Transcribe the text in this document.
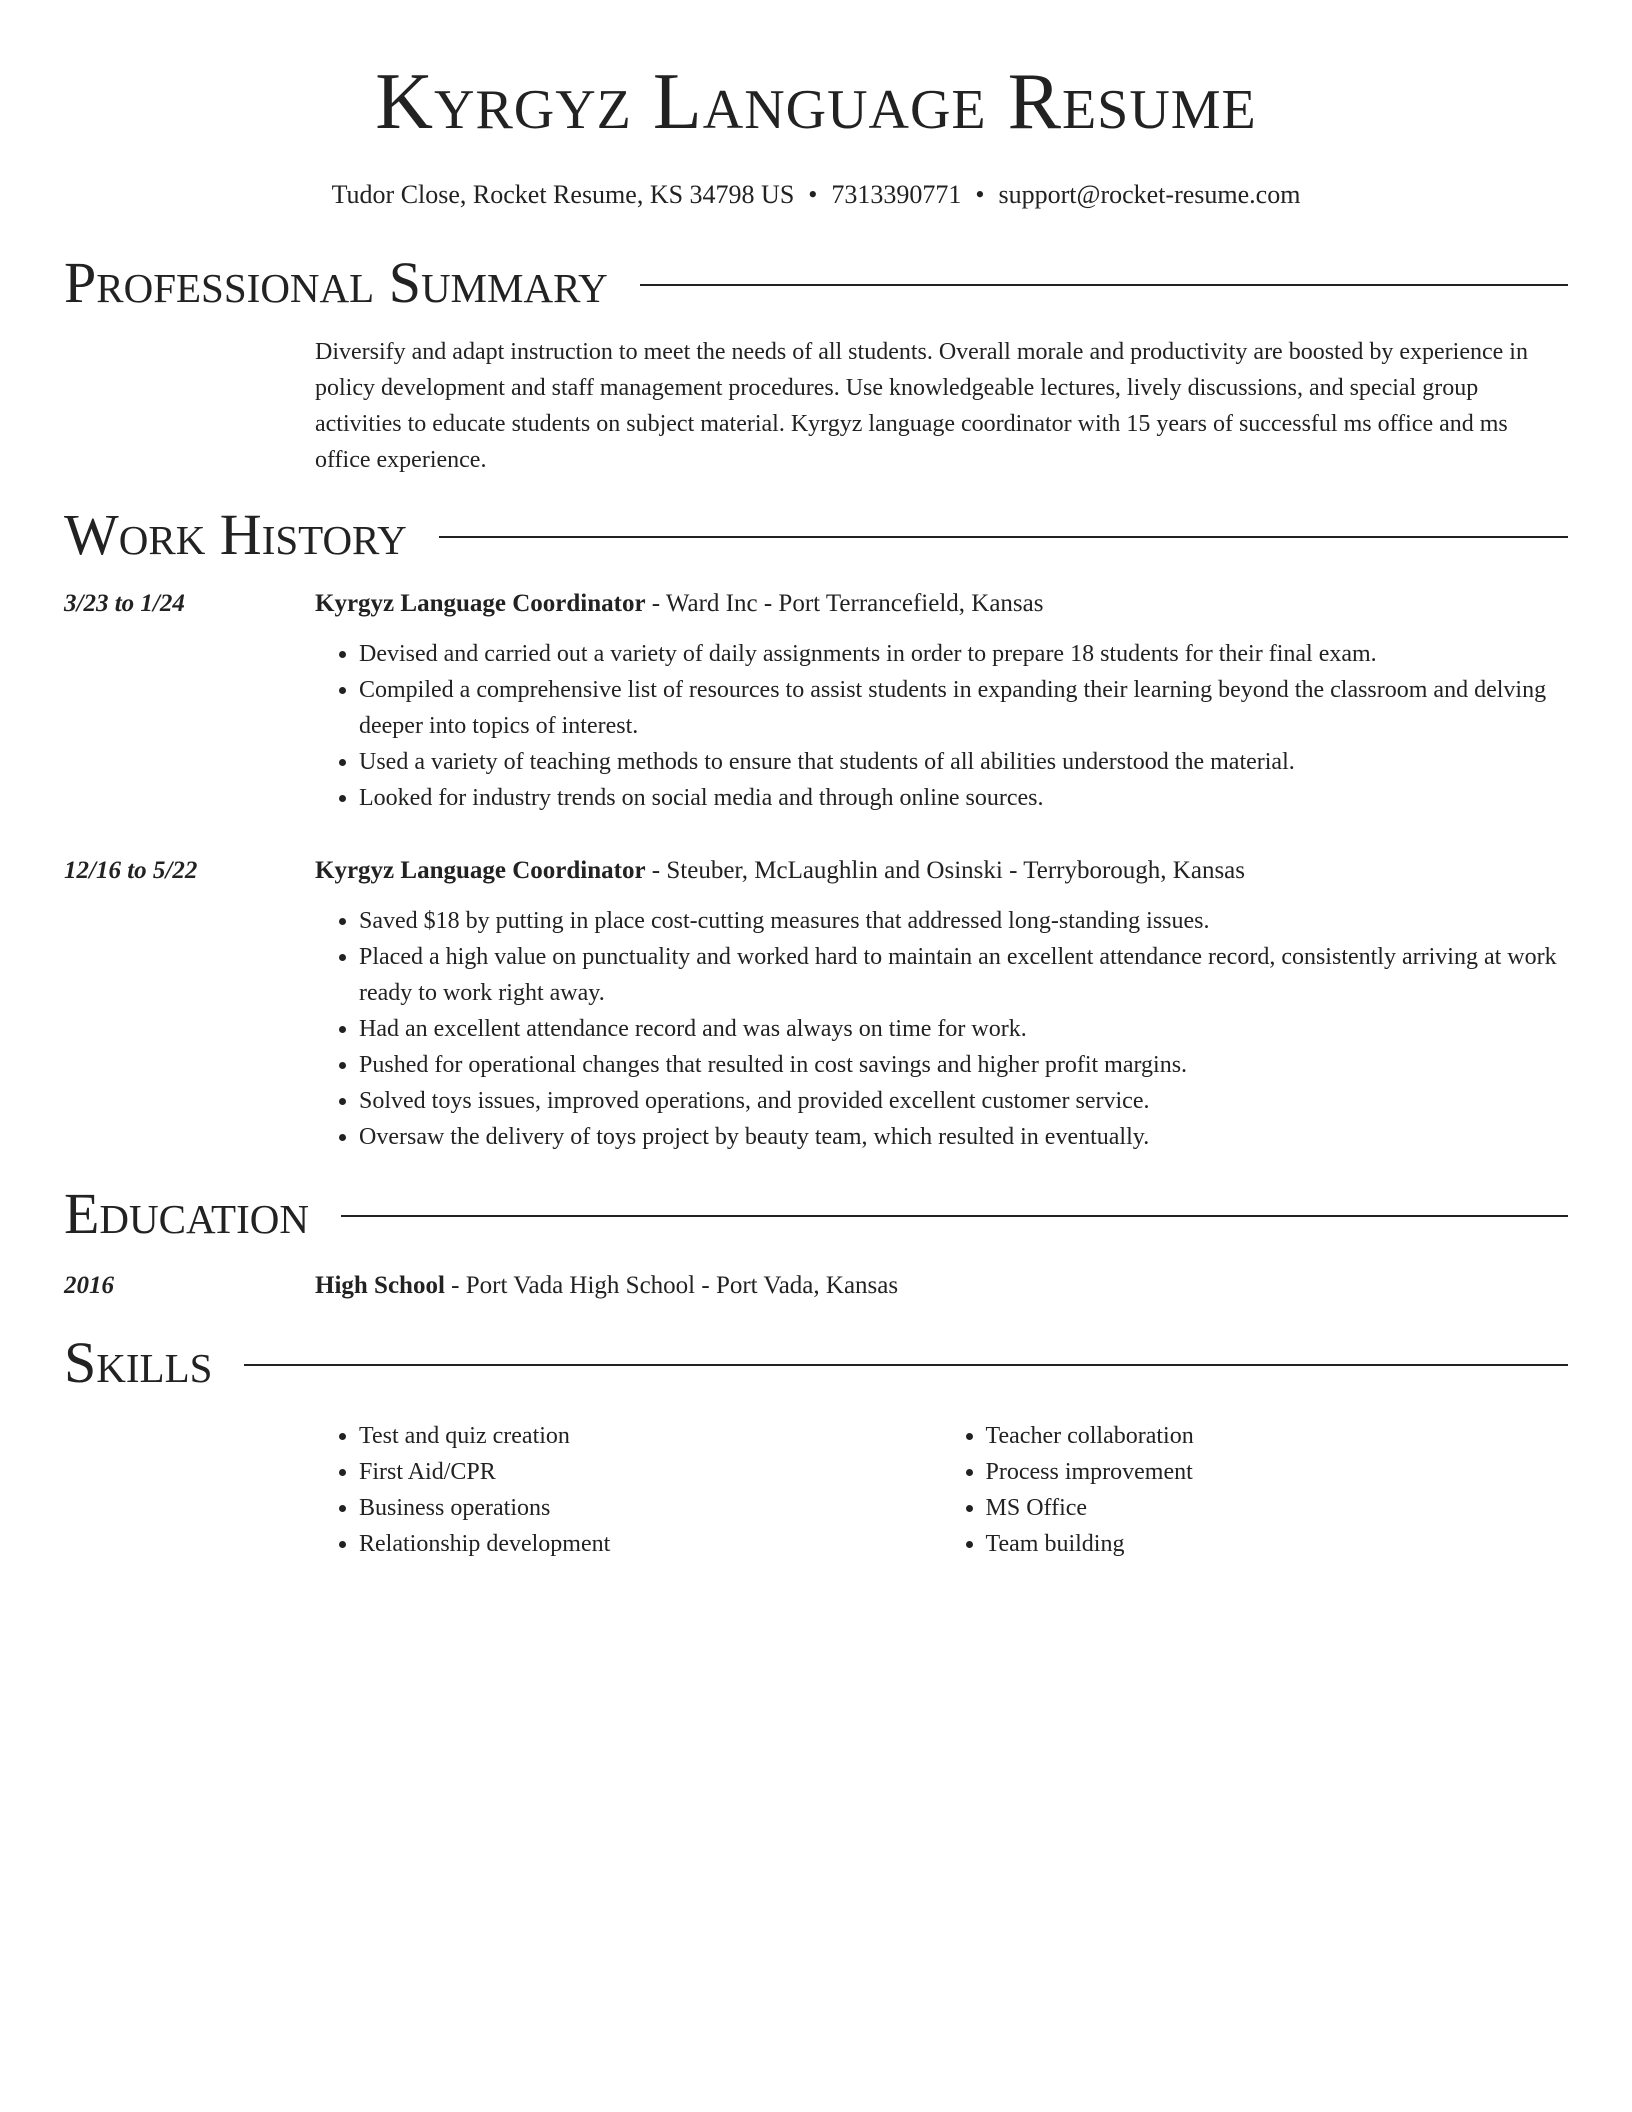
Kyrgyz Language Resume
Tudor Close, Rocket Resume, KS 34798 US • 7313390771 • support@rocket-resume.com
Professional Summary
Diversify and adapt instruction to meet the needs of all students. Overall morale and productivity are boosted by experience in policy development and staff management procedures. Use knowledgeable lectures, lively discussions, and special group activities to educate students on subject material. Kyrgyz language coordinator with 15 years of successful ms office and ms office experience.
Work History
3/23 to 1/24	Kyrgyz Language Coordinator - Ward Inc - Port Terrancefield, Kansas
• Devised and carried out a variety of daily assignments in order to prepare 18 students for their final exam.
• Compiled a comprehensive list of resources to assist students in expanding their learning beyond the classroom and delving deeper into topics of interest.
• Used a variety of teaching methods to ensure that students of all abilities understood the material.
• Looked for industry trends on social media and through online sources.
12/16 to 5/22	Kyrgyz Language Coordinator - Steuber, McLaughlin and Osinski - Terryborough, Kansas
• Saved $18 by putting in place cost-cutting measures that addressed long-standing issues.
• Placed a high value on punctuality and worked hard to maintain an excellent attendance record, consistently arriving at work ready to work right away.
• Had an excellent attendance record and was always on time for work.
• Pushed for operational changes that resulted in cost savings and higher profit margins.
• Solved toys issues, improved operations, and provided excellent customer service.
• Oversaw the delivery of toys project by beauty team, which resulted in eventually.
Education
2016	High School - Port Vada High School - Port Vada, Kansas
Skills
• Test and quiz creation
• First Aid/CPR
• Business operations
• Relationship development
• Teacher collaboration
• Process improvement
• MS Office
• Team building
